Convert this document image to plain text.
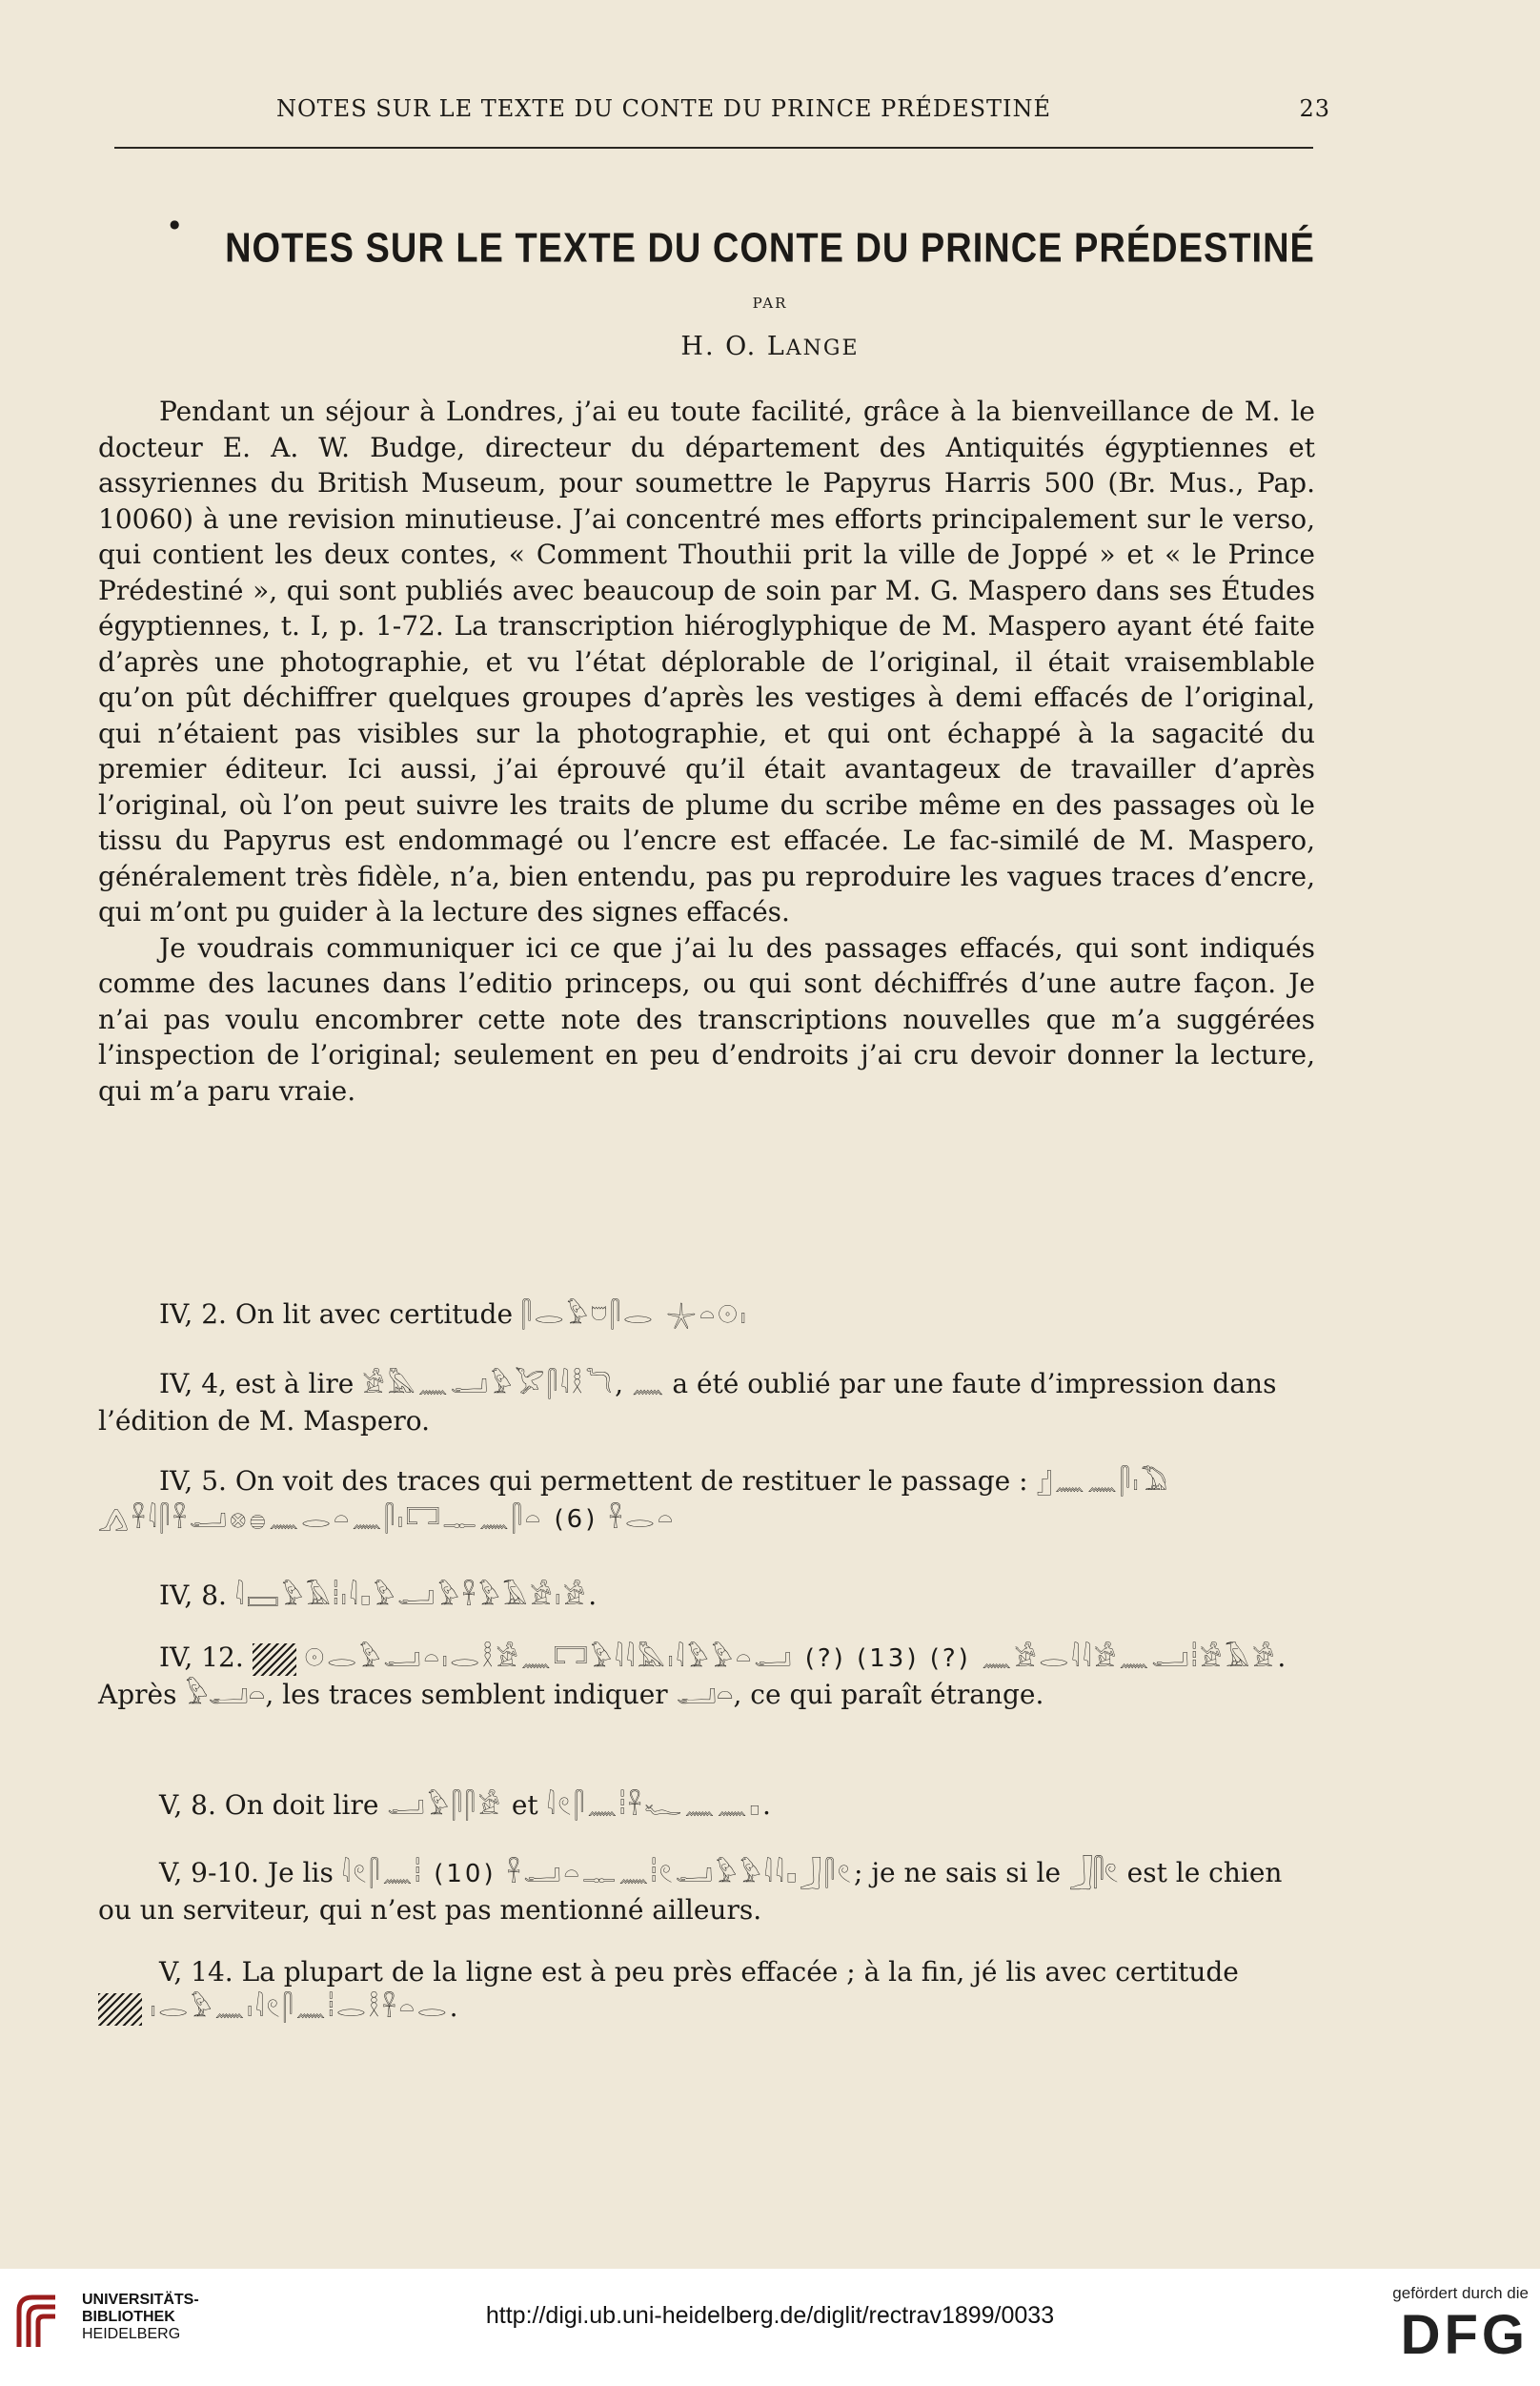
NOTES SUR LE TEXTE DU CONTE DU PRINCE PRÉDESTINÉ	23
●
NOTES SUR LE TEXTE DU CONTE DU PRINCE PRÉDESTINÉ
PAR
H. O. LANGE

Pendant un séjour à Londres, j’ai eu toute facilité, grâce à la bienveillance de M. le docteur E. A. W. Budge, directeur du département des Antiquités égyptiennes et assyriennes du British Museum, pour soumettre le Papyrus Harris 500 (Br. Mus., Pap. 10060) à une revision minutieuse. J’ai concentré mes efforts principalement sur le verso, qui contient les deux contes, « Comment Thouthii prit la ville de Joppé » et « le Prince Prédestiné », qui sont publiés avec beaucoup de soin par M. G. Maspero dans ses Études égyptiennes, t. I, p. 1-72. La transcription hiéroglyphique de M. Maspero ayant été faite d’après une photographie, et vu l’état déplorable de l’original, il était vraisemblable qu’on pût déchiffrer quelques groupes d’après les vestiges à demi effacés de l’original, qui n’étaient pas visibles sur la photographie, et qui ont échappé à la sagacité du premier éditeur. Ici aussi, j’ai éprouvé qu’il était avantageux de travailler d’après l’original, où l’on peut suivre les traits de plume du scribe même en des passages où le tissu du Papyrus est endommagé ou l’encre est effacée. Le fac-similé de M. Maspero, généralement très fidèle, n’a, bien entendu, pas pu reproduire les vagues traces d’encre, qui m’ont pu guider à la lecture des signes effacés.

Je voudrais communiquer ici ce que j’ai lu des passages effacés, qui sont indiqués comme des lacunes dans l’editio princeps, ou qui sont déchiffrés d’une autre façon. Je n’ai pas voulu encombrer cette note des transcriptions nouvelles que m’a suggérées l’inspection de l’original; seulement en peu d’endroits j’ai cru devoir donner la lecture, qui m’a paru vraie.

IV, 2. On lit avec certitude 𓋴𓂋𓅱𓈞𓋴𓂋 𓇼𓏏𓇳𓏤
IV, 4, est à lire 𓀀𓅓𓈖𓂝𓅱𓅯𓋴𓇋𓎛𓆓, 𓈖 a été oublié par une faute d’impression dans l’édition de M. Maspero.
IV, 5. On voit des traces qui permettent de restituer le passage : 𓊨𓈖𓈖𓋴𓏤𓅐 𓂻𓋹𓇋𓋴𓋹𓂝𓊖𓐍𓈖𓂋𓏏𓈖𓋴𓏤𓉐𓊃𓈖𓋴𓏏 (6) 𓋹𓂋𓏏
IV, 8. 𓇋𓈙𓅱𓄿𓏪𓏤𓇋𓊪𓅱𓂝𓅱𓋹𓅱𓄿𓀀𓏤𓀀.
IV, 12. 𓇳𓂋𓅱𓂝𓏏𓏤𓂋𓎛𓀀𓈖𓉐𓅱𓇋𓇋𓅓𓏤𓇋𓅱𓅱𓏏𓂝 (?) (13) (?) 𓈖𓀀𓂋𓇋𓇋𓀀𓈖𓂝𓏪𓀀𓄿𓀀. Après 𓅱𓂝𓏏, les traces semblent indiquer 𓂝𓏏, ce qui paraît étrange.
V, 8. On doit lire 𓂝𓅱𓋴𓋴𓀀 et 𓇋𓏲𓋴𓈖𓏪𓋹𓆑𓈖𓈖𓊪.
V, 9-10. Je lis 𓇋𓏲𓋴𓈖𓏪 (10) 𓋹𓂝𓏏𓊃𓈖𓏪𓏲𓂝𓅱𓅱𓇋𓇋𓊪𓃀𓋴𓏲; je ne sais si le 𓃀𓋴𓏲 est le chien ou un serviteur, qui n’est pas mentionné ailleurs.
V, 14. La plupart de la ligne est à peu près effacée ; à la fin, jé lis avec certitude
𓏤𓂋𓅱𓈖𓏤𓇋𓏲𓋴𓈖𓏪𓂋𓎛𓋹𓏏𓂋.
UNIVERSITÄTS-
BIBLIOTHEK
HEIDELBERG
http://digi.ub.uni-heidelberg.de/diglit/rectrav1899/0033
gefördert durch die
DFG
